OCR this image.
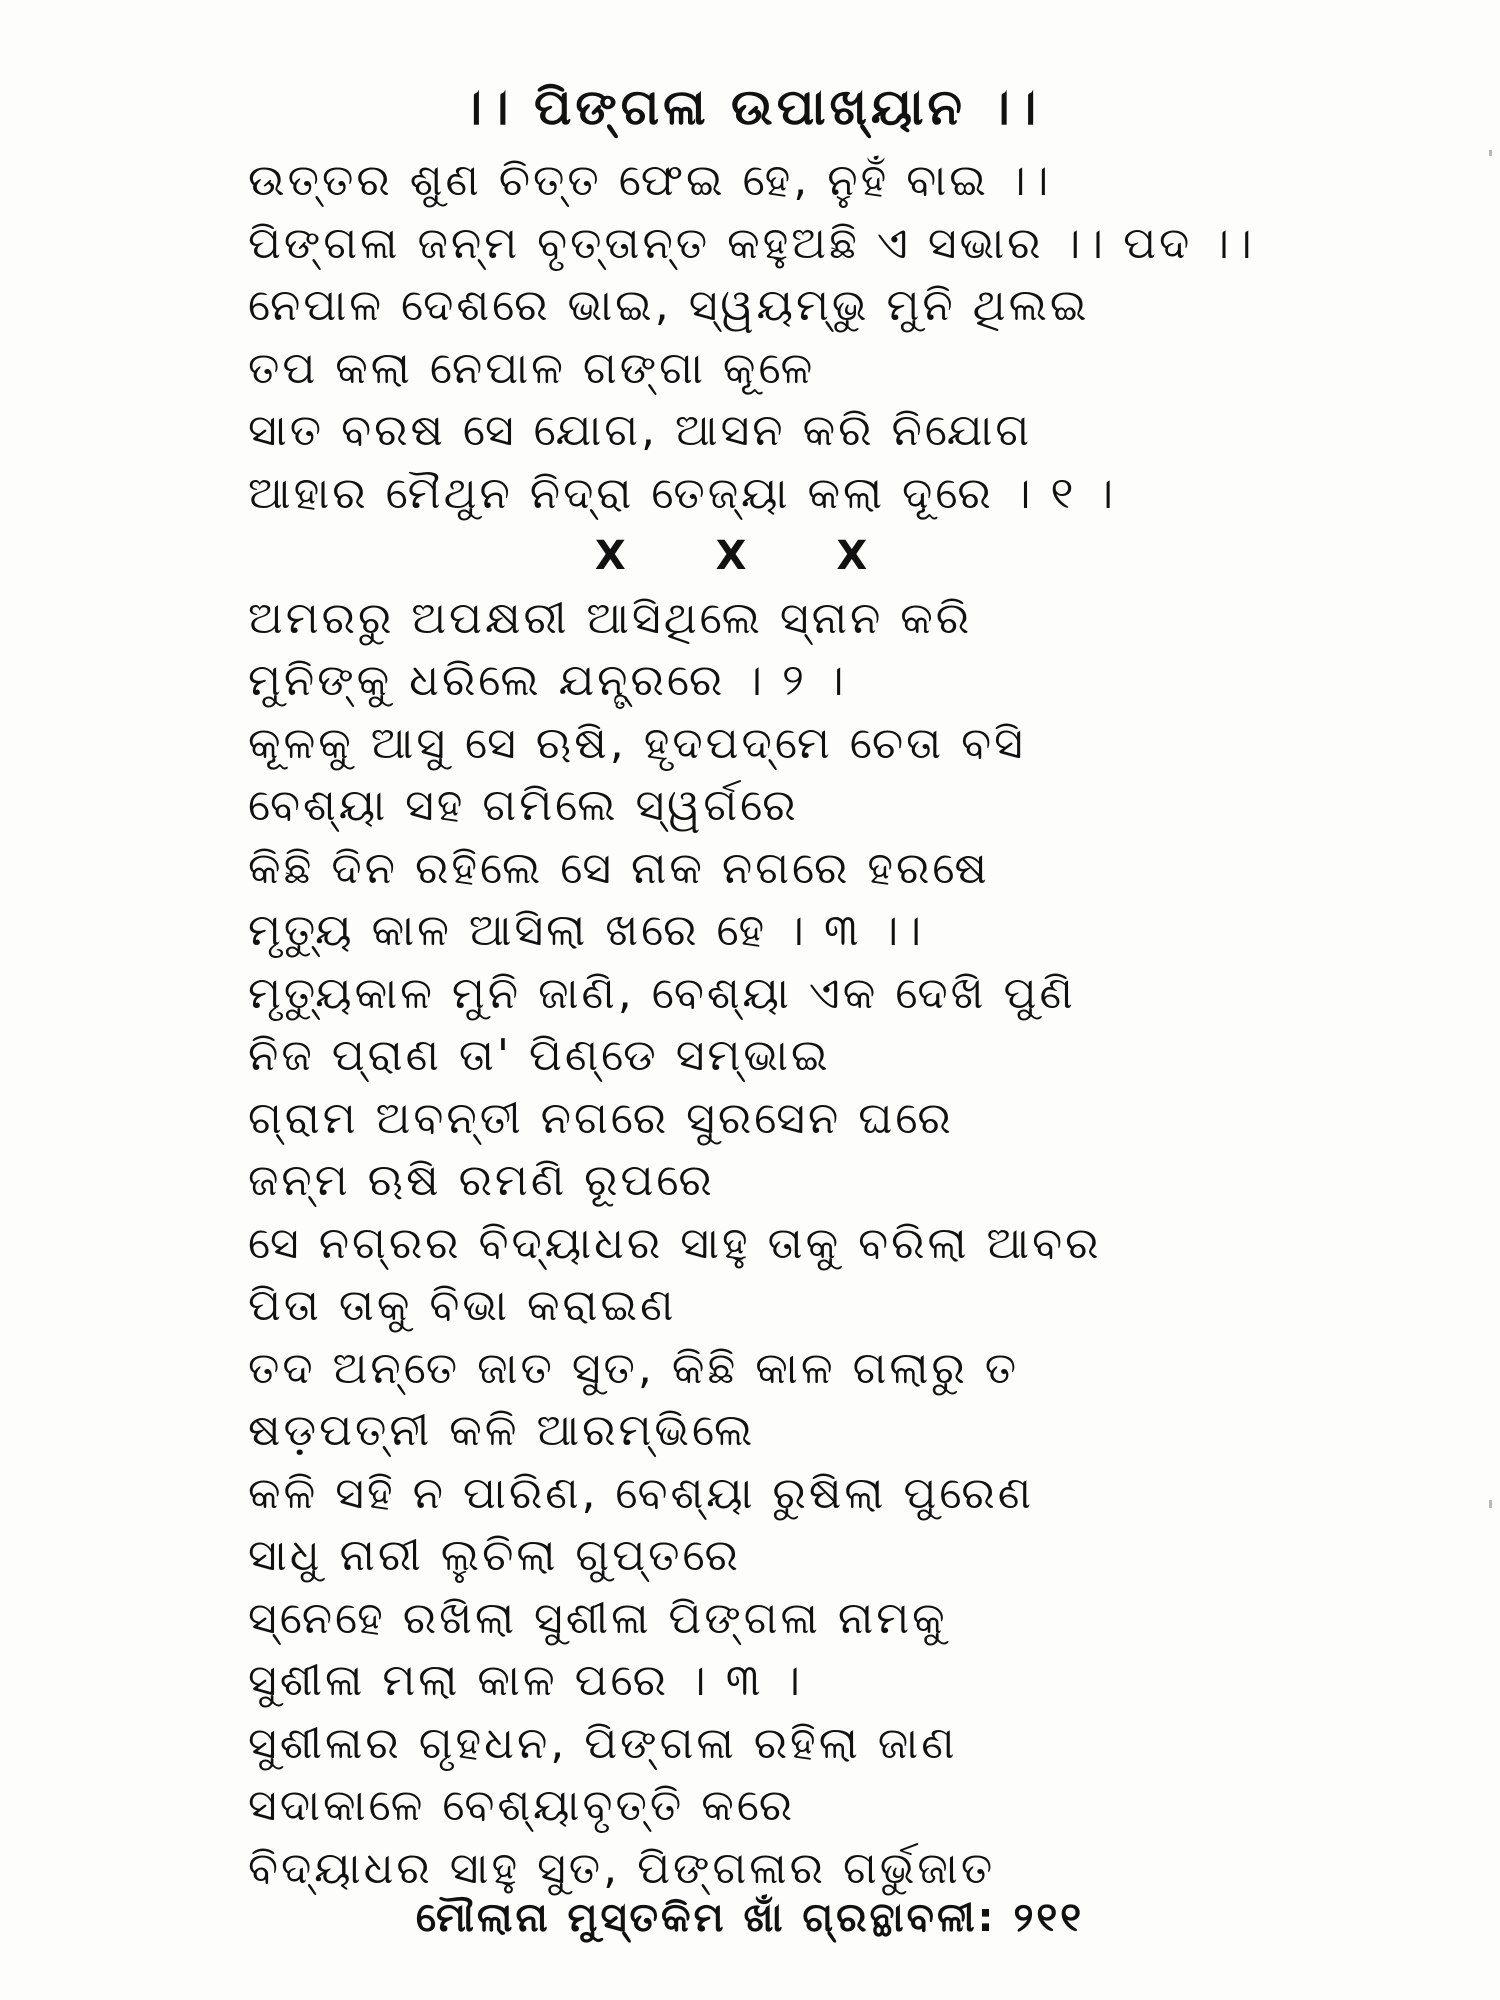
।। ପିଙ୍ଗଳା ଉପାଖ୍ୟାନ ।।
ଉତ୍ତର ଶୁଣ ଚିତ୍ତ ଫେଇ ହେ, ନୁହଁ ବାଇ ।।
ପିଙ୍ଗଳା ଜନ୍ମ ବୃତ୍ତାନ୍ତ କହୁଅଛି ଏ ସଭାର ।। ପଦ ।।
ନେପାଳ ଦେଶରେ ଭାଇ, ସ୍ୱୟମ୍ଭୁ ମୁନି ଥିଲଇ
ତପ କଲା ନେପାଳ ଗଙ୍ଗା କୂଳେ
ସାତ ବରଷ ସେ ଯୋଗ, ଆସନ କରି ନିଯୋଗ
ଆହାର ମୈଥୁନ ନିଦ୍ରା ତେଜ୍ୟା କଲା ଦୂରେ । ୧ ।
X X X
ଅମରରୁ ଅପକ୍ଷରୀ ଆସିଥିଲେ ସ୍ନାନ କରି
ମୁନିଙ୍କୁ ଧରିଲେ ଯନ୍ତ୍ରରେ । ୨ ।
କୂଳକୁ ଆସୁ ସେ ଋଷି, ହୃଦପଦ୍ମେ ଚେତା ବସି
ବେଶ୍ୟା ସହ ଗମିଲେ ସ୍ୱର୍ଗରେ
କିଛି ଦିନ ରହିଲେ ସେ ନାକ ନଗରେ ହରଷେ
ମୃତ୍ୟୁ କାଳ ଆସିଲା ଖରେ ହେ । ୩ ।।
ମୃତ୍ୟୁକାଳ ମୁନି ଜାଣି, ବେଶ୍ୟା ଏକ ଦେଖି ପୁଣି
ନିଜ ପ୍ରାଣ ତା' ପିଣ୍ଡେ ସମ୍ଭାଇ
ଗ୍ରାମ ଅବନ୍ତୀ ନଗରେ ସୁରସେନ ଘରେ
ଜନ୍ମ ଋଷି ରମଣି ରୂପରେ
ସେ ନଗ୍ରର ବିଦ୍ୟାଧର ସାହୁ ତାକୁ ବରିଲା ଆବର
ପିତା ତାକୁ ବିଭା କରାଇଣ
ତଦ ଅନ୍ତେ ଜାତ ସୁତ, କିଛି କାଳ ଗଲାରୁ ତ
ଷଡ଼ପତ୍ନୀ କଳି ଆରମ୍ଭିଲେ
କଳି ସହି ନ ପାରିଣ, ବେଶ୍ୟା ରୁଷିଲା ପୁରେଣ
ସାଧୁ ନାରୀ ଲୁଚିଲା ଗୁପ୍ତରେ
ସ୍ନେହେ ରଖିଲା ସୁଶୀଳା ପିଙ୍ଗଳା ନାମକୁ
ସୁଶୀଳା ମଲା କାଳ ପରେ । ୩ ।
ସୁଶୀଳାର ଗୃହଧନ, ପିଙ୍ଗଳା ରହିଲା ଜାଣ
ସଦାକାଳେ ବେଶ୍ୟାବୃତ୍ତି କରେ
ବିଦ୍ୟାଧର ସାହୁ ସୁତ, ପିଙ୍ଗଳାର ଗର୍ଭୁଜାତ
ମୌଲାନା ମୁସ୍ତକିମ ଖାଁ ଗ୍ରନ୍ଥାବଳୀ: ୨୧୧
